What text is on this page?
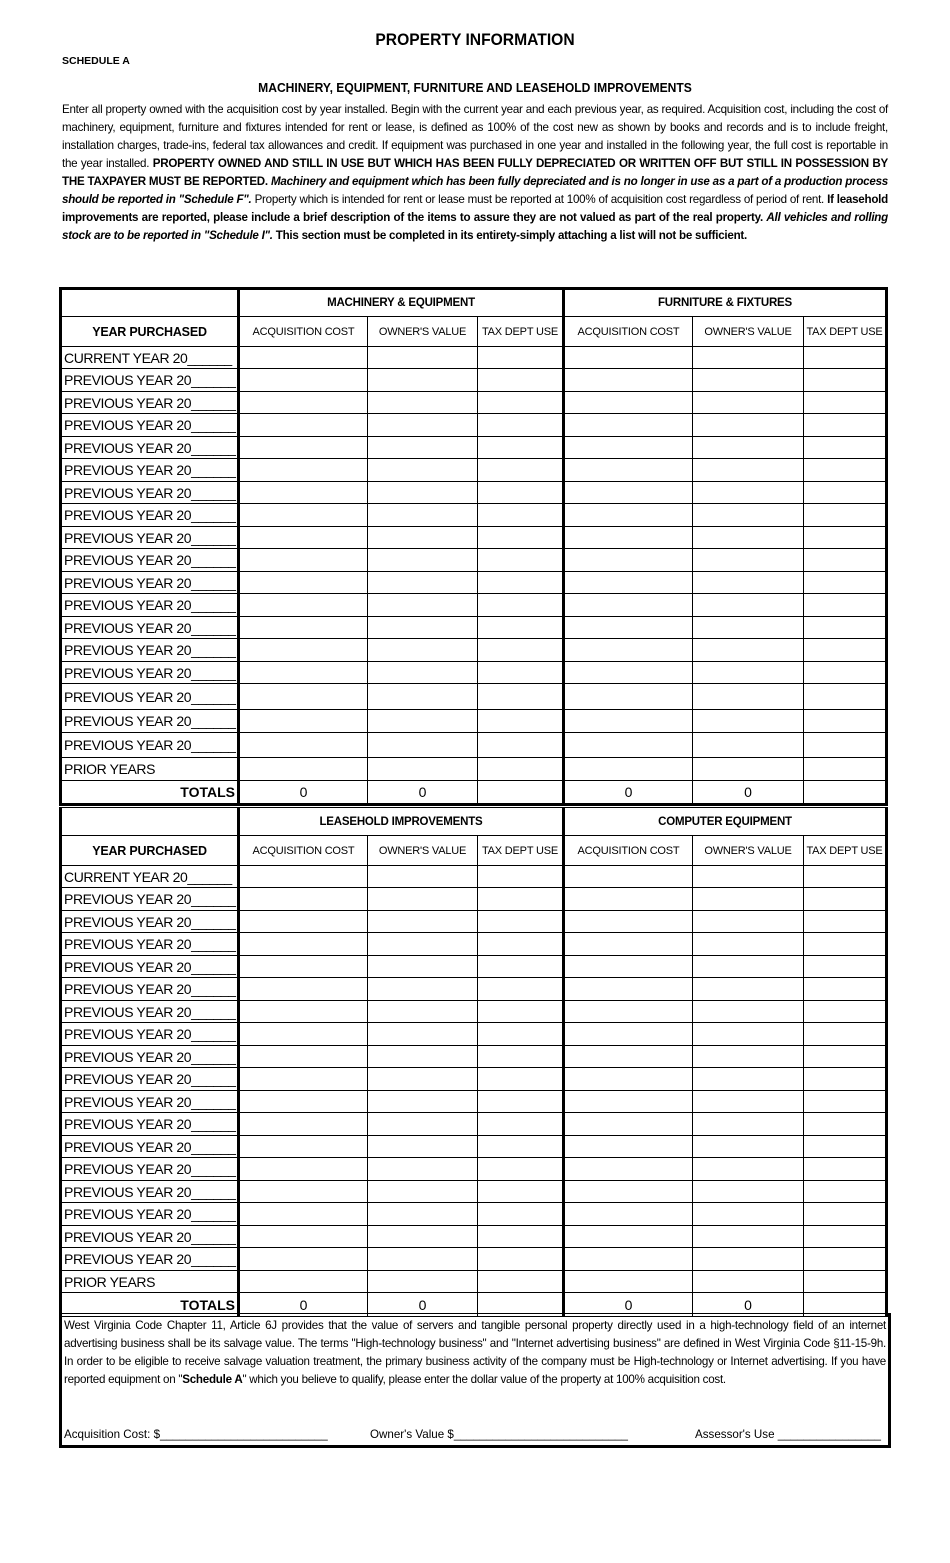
PROPERTY INFORMATION
SCHEDULE A
MACHINERY, EQUIPMENT, FURNITURE AND LEASEHOLD IMPROVEMENTS
Enter all property owned with the acquisition cost by year installed. Begin with the current year and each previous year, as required. Acquisition cost, including the cost of machinery, equipment, furniture and fixtures intended for rent or lease, is defined as 100% of the cost new as shown by books and records and is to include freight, installation charges, trade-ins, federal tax allowances and credit. If equipment was purchased in one year and installed in the following year, the full cost is reportable in the year installed. PROPERTY OWNED AND STILL IN USE BUT WHICH HAS BEEN FULLY DEPRECIATED OR WRITTEN OFF BUT STILL IN POSSESSION BY THE TAXPAYER MUST BE REPORTED. Machinery and equipment which has been fully depreciated and is no longer in use as a part of a production process should be reported in "Schedule F". Property which is intended for rent or lease must be reported at 100% of acquisition cost regardless of period of rent. If leasehold improvements are reported, please include a brief description of the items to assure they are not valued as part of the real property. All vehicles and rolling stock are to be reported in "Schedule I". This section must be completed in its entirety-simply attaching a list will not be sufficient.
	MACHINERY & EQUIPMENT			FURNITURE & FIXTURES		
YEAR PURCHASED	ACQUISITION COST	OWNER'S VALUE	TAX DEPT USE	ACQUISITION COST	OWNER'S VALUE	TAX DEPT USE
CURRENT YEAR 20______						
PREVIOUS YEAR 20______						
PREVIOUS YEAR 20______						
PREVIOUS YEAR 20______						
PREVIOUS YEAR 20______						
PREVIOUS YEAR 20______						
PREVIOUS YEAR 20______						
PREVIOUS YEAR 20______						
PREVIOUS YEAR 20______						
PREVIOUS YEAR 20______						
PREVIOUS YEAR 20______						
PREVIOUS YEAR 20______						
PREVIOUS YEAR 20______						
PREVIOUS YEAR 20______						
PREVIOUS YEAR 20______						
PREVIOUS YEAR 20______						
PREVIOUS YEAR 20______						
PREVIOUS YEAR 20______						
PRIOR YEARS						
TOTALS	0	0		0	0	
	LEASEHOLD IMPROVEMENTS			COMPUTER EQUIPMENT		
YEAR PURCHASED	ACQUISITION COST	OWNER'S VALUE	TAX DEPT USE	ACQUISITION COST	OWNER'S VALUE	TAX DEPT USE
CURRENT YEAR 20______						
PREVIOUS YEAR 20______						
PREVIOUS YEAR 20______						
PREVIOUS YEAR 20______						
PREVIOUS YEAR 20______						
PREVIOUS YEAR 20______						
PREVIOUS YEAR 20______						
PREVIOUS YEAR 20______						
PREVIOUS YEAR 20______						
PREVIOUS YEAR 20______						
PREVIOUS YEAR 20______						
PREVIOUS YEAR 20______						
PREVIOUS YEAR 20______						
PREVIOUS YEAR 20______						
PREVIOUS YEAR 20______						
PREVIOUS YEAR 20______						
PREVIOUS YEAR 20______						
PREVIOUS YEAR 20______						
PRIOR YEARS						
TOTALS	0	0		0	0	
West Virginia Code Chapter 11, Article 6J provides that the value of servers and tangible personal property directly used in a high-technology field of an internet advertising business shall be its salvage value. The terms "High-technology business" and "Internet advertising business" are defined in West Virginia Code §11-15-9h. In order to be eligible to receive salvage valuation treatment, the primary business activity of the company must be High-technology or Internet advertising. If you have reported equipment on "Schedule A" which you believe to qualify, please enter the dollar value of the property at 100% acquisition cost.
Acquisition Cost: $__________________________	Owner's Value $___________________________	Assessor's Use ________________
